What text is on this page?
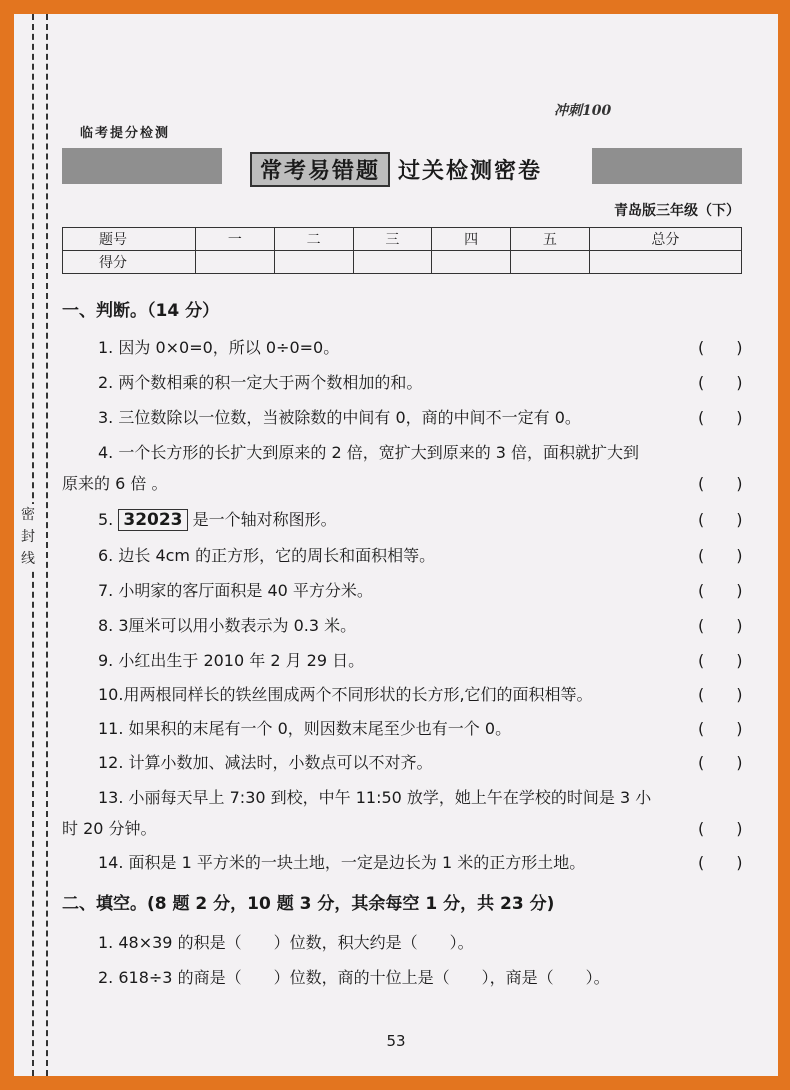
密封线
冲刺100
临考提分检测
常考易错题 过关检测密卷
青岛版三年级（下）
题号	一	二	三	四	五	总分
得分						
一、判断。（14 分）
1. 因为 0×0=0，所以 0÷0=0。	(　　)
2. 两个数相乘的积一定大于两个数相加的和。	(　　)
3. 三位数除以一位数，当被除数的中间有 0，商的中间不一定有 0。	(　　)
4. 一个长方形的长扩大到原来的 2 倍，宽扩大到原来的 3 倍，面积就扩大到
原来的 6 倍 。	(　　)
5. 32023 是一个轴对称图形。	(　　)
6. 边长 4cm 的正方形，它的周长和面积相等。	(　　)
7. 小明家的客厅面积是 40 平方分米。	(　　)
8. 3厘米可以用小数表示为 0.3 米。	(　　)
9. 小红出生于 2010 年 2 月 29 日。	(　　)
10.用两根同样长的铁丝围成两个不同形状的长方形,它们的面积相等。	(　　)
11. 如果积的末尾有一个 0，则因数末尾至少也有一个 0。	(　　)
12. 计算小数加、减法时，小数点可以不对齐。	(　　)
13. 小丽每天早上 7:30 到校，中午 11:50 放学，她上午在学校的时间是 3 小
时 20 分钟。	(　　)
14. 面积是 1 平方米的一块土地，一定是边长为 1 米的正方形土地。	(　　)
二、填空。(8 题 2 分，10 题 3 分，其余每空 1 分，共 23 分)
1. 48×39 的积是（　　）位数，积大约是（　　）。
2. 618÷3 的商是（　　）位数，商的十位上是（　　），商是（　　）。
53
